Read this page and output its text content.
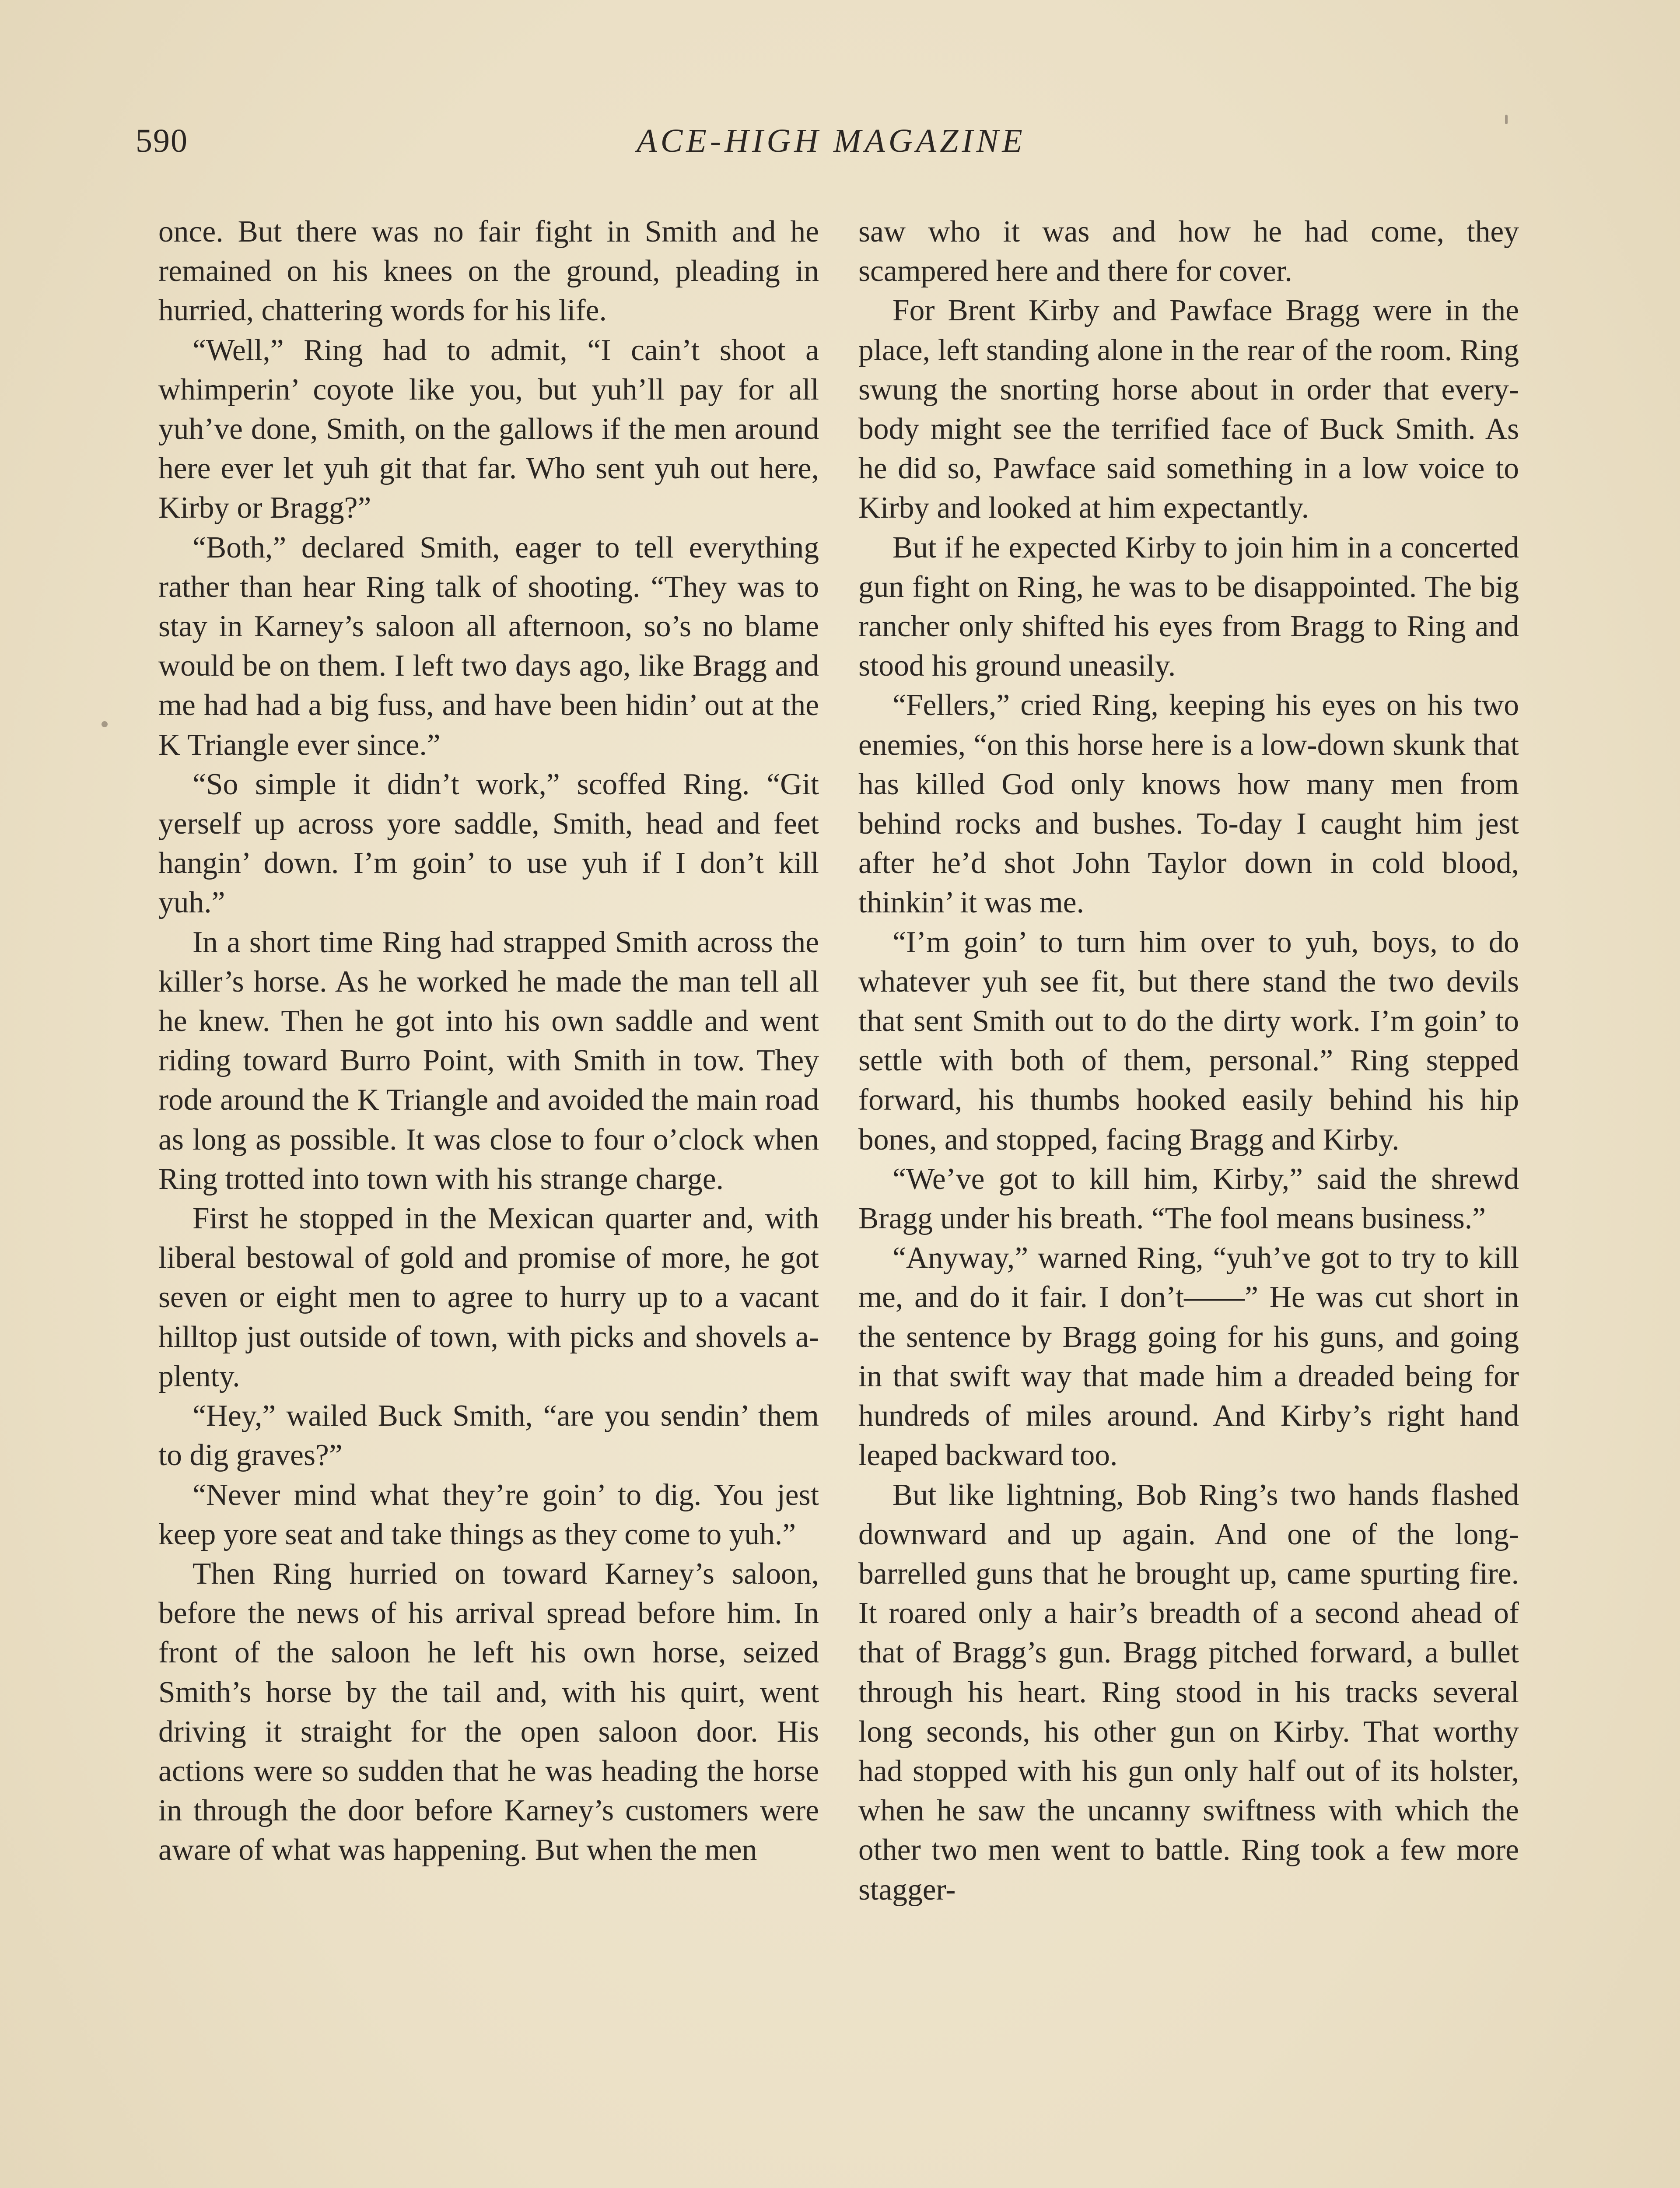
590	ACE-HIGH MAGAZINE

once. But there was no fair fight in Smith and he remained on his knees on the ground, pleading in hurried, chattering words for his life.

“Well,” Ring had to admit, “I cain’t shoot a whimperin’ coyote like you, but yuh’ll pay for all yuh’ve done, Smith, on the gallows if the men around here ever let yuh git that far. Who sent yuh out here, Kirby or Bragg?”

“Both,” declared Smith, eager to tell everything rather than hear Ring talk of shooting. “They was to stay in Karney’s saloon all afternoon, so’s no blame would be on them. I left two days ago, like Bragg and me had had a big fuss, and have been hidin’ out at the K Triangle ever since.”

“So simple it didn’t work,” scoffed Ring. “Git yerself up across yore saddle, Smith, head and feet hangin’ down. I’m goin’ to use yuh if I don’t kill yuh.”

In a short time Ring had strapped Smith across the killer’s horse. As he worked he made the man tell all he knew. Then he got into his own saddle and went riding toward Burro Point, with Smith in tow. They rode around the K Triangle and avoided the main road as long as possible. It was close to four o’clock when Ring trotted into town with his strange charge.

First he stopped in the Mexican quarter and, with liberal bestowal of gold and promise of more, he got seven or eight men to agree to hurry up to a vacant hilltop just outside of town, with picks and shovels a-plenty.

“Hey,” wailed Buck Smith, “are you sendin’ them to dig graves?”

“Never mind what they’re goin’ to dig. You jest keep yore seat and take things as they come to yuh.”

Then Ring hurried on toward Karney’s saloon, before the news of his arrival spread before him. In front of the saloon he left his own horse, seized Smith’s horse by the tail and, with his quirt, went driving it straight for the open saloon door. His actions were so sudden that he was heading the horse in through the door before Karney’s customers were aware of what was happening. But when the men

saw who it was and how he had come, they scampered here and there for cover.

For Brent Kirby and Pawface Bragg were in the place, left standing alone in the rear of the room. Ring swung the snorting horse about in order that everybody might see the terrified face of Buck Smith. As he did so, Pawface said something in a low voice to Kirby and looked at him expectantly.

But if he expected Kirby to join him in a concerted gun fight on Ring, he was to be disappointed. The big rancher only shifted his eyes from Bragg to Ring and stood his ground uneasily.

“Fellers,” cried Ring, keeping his eyes on his two enemies, “on this horse here is a low-down skunk that has killed God only knows how many men from behind rocks and bushes. To-day I caught him jest after he’d shot John Taylor down in cold blood, thinkin’ it was me.

“I’m goin’ to turn him over to yuh, boys, to do whatever yuh see fit, but there stand the two devils that sent Smith out to do the dirty work. I’m goin’ to settle with both of them, personal.” Ring stepped forward, his thumbs hooked easily behind his hip bones, and stopped, facing Bragg and Kirby.

“We’ve got to kill him, Kirby,” said the shrewd Bragg under his breath. “The fool means business.”

“Anyway,” warned Ring, “yuh’ve got to try to kill me, and do it fair. I don’t——” He was cut short in the sentence by Bragg going for his guns, and going in that swift way that made him a dreaded being for hundreds of miles around. And Kirby’s right hand leaped backward too.

But like lightning, Bob Ring’s two hands flashed downward and up again. And one of the long-barrelled guns that he brought up, came spurting fire. It roared only a hair’s breadth of a second ahead of that of Bragg’s gun. Bragg pitched forward, a bullet through his heart. Ring stood in his tracks several long seconds, his other gun on Kirby. That worthy had stopped with his gun only half out of its holster, when he saw the uncanny swiftness with which the other two men went to battle. Ring took a few more stagger-
